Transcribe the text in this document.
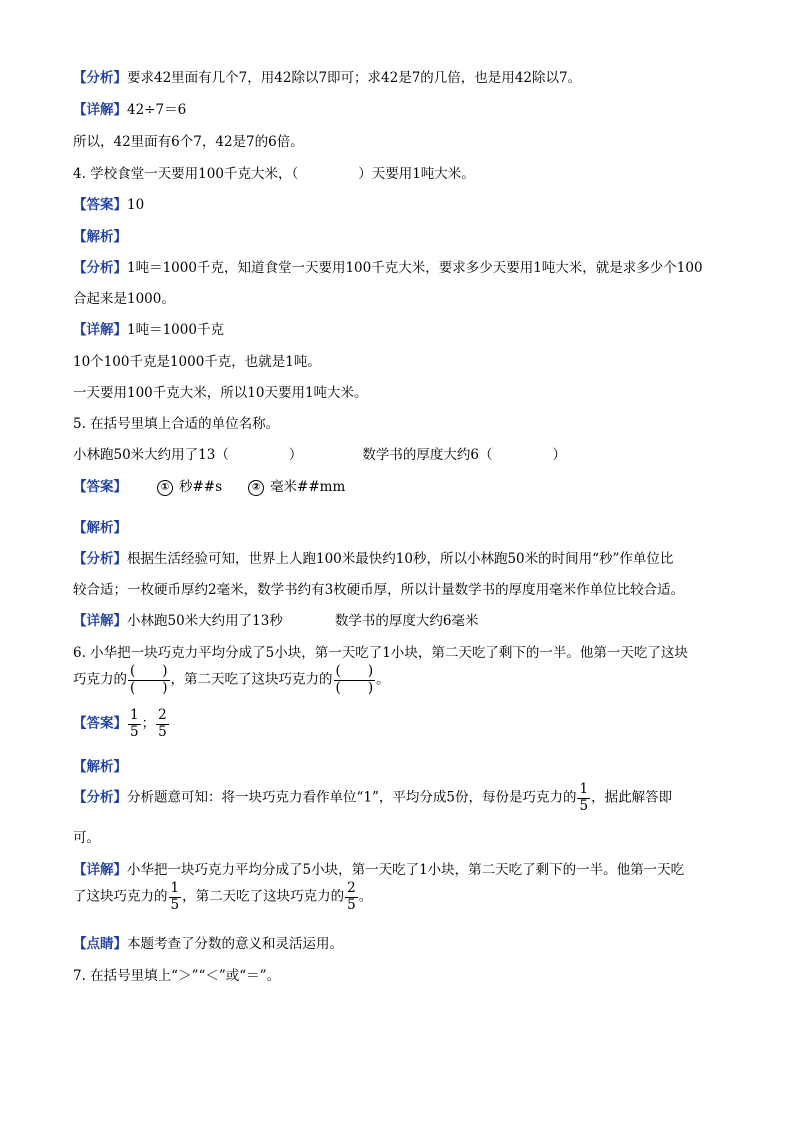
【分析】要求42里面有几个7，用42除以7即可；求42是7的几倍，也是用42除以7。
【详解】42÷7＝6
所以，42里面有6个7，42是7的6倍。
4. 学校食堂一天要用100千克大米，（	）天要用1吨大米。
【答案】10
【解析】
【分析】1吨＝1000千克，知道食堂一天要用100千克大米，要求多少天要用1吨大米，就是求多少个100
合起来是1000。
【详解】1吨＝1000千克
10个100千克是1000千克，也就是1吨。
一天要用100千克大米，所以10天要用1吨大米。
5. 在括号里填上合适的单位名称。
小林跑50米大约用了13（	）	数学书的厚度大约6（	）
【答案】	① 秒##s	② 毫米##mm
【解析】
【分析】根据生活经验可知，世界上人跑100米最快约10秒，所以小林跑50米的时间用“秒”作单位比
较合适；一枚硬币厚约2毫米，数学书约有3枚硬币厚，所以计量数学书的厚度用毫米作单位比较合适。
【详解】小林跑50米大约用了13秒	数学书的厚度大约6毫米
6. 小华把一块巧克力平均分成了5小块，第一天吃了1小块，第二天吃了剩下的一半。他第一天吃了这块
巧克力的 $\frac{( )}{( )}$ ，第二天吃了这块巧克力的 $\frac{( )}{( )}$ 。
【答案】 $\frac{1}{5}$ ； $\frac{2}{5}$
【解析】
【分析】分析题意可知：将一块巧克力看作单位“1”，平均分成5份，每份是巧克力的 $\frac{1}{5}$ ，据此解答即
可。
【详解】小华把一块巧克力平均分成了5小块，第一天吃了1小块，第二天吃了剩下的一半。他第一天吃
了这块巧克力的 $\frac{1}{5}$ ，第二天吃了这块巧克力的 $\frac{2}{5}$ 。
【点睛】本题考查了分数的意义和灵活运用。
7. 在括号里填上“＞”“＜”或“＝”。
